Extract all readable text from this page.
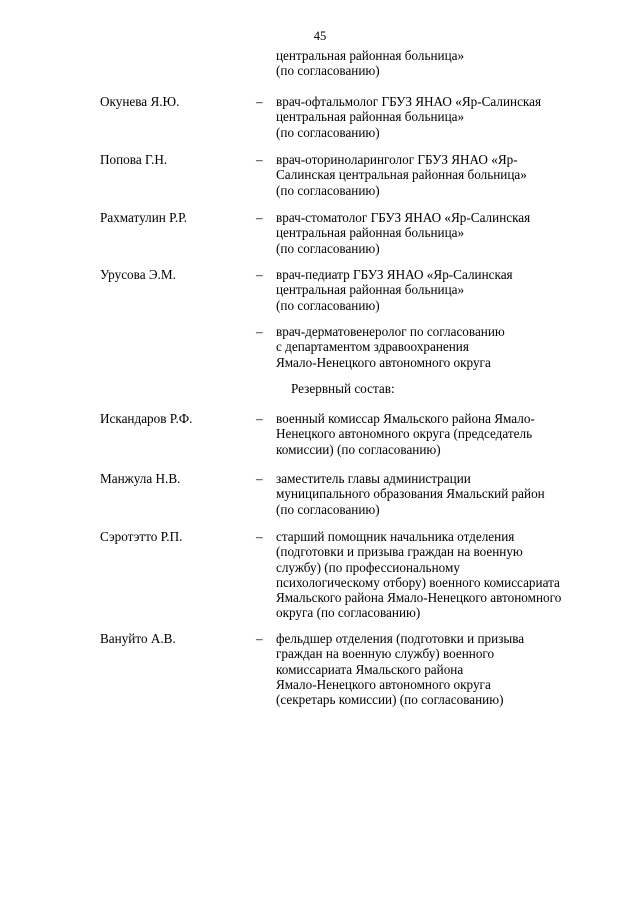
45
центральная районная больница»
(по согласованию)
Окунева Я.Ю.	– врач-офтальмолог ГБУЗ ЯНАО «Яр-Салинская
центральная районная больница»
(по согласованию)
Попова Г.Н.	– врач-оториноларинголог ГБУЗ ЯНАО «Яр-
Салинская центральная районная больница»
(по согласованию)
Рахматулин Р.Р.	– врач-стоматолог ГБУЗ ЯНАО «Яр-Салинская
центральная районная больница»
(по согласованию)
Урусова Э.М.	– врач-педиатр ГБУЗ ЯНАО «Яр-Салинская
центральная районная больница»
(по согласованию)
– врач-дерматовенеролог по согласованию
с департаментом здравоохранения
Ямало-Ненецкого автономного округа
Резервный состав:
Искандаров Р.Ф.	– военный комиссар Ямальского района Ямало-
Ненецкого автономного округа (председатель
комиссии) (по согласованию)
Манжула Н.В.	– заместитель главы администрации
муниципального образования Ямальский район
(по согласованию)
Сэротэтто Р.П.	– старший помощник начальника отделения
(подготовки и призыва граждан на военную
службу) (по профессиональному
психологическому отбору) военного комиссариата
Ямальского района Ямало-Ненецкого автономного
округа (по согласованию)
Вануйто А.В.	– фельдшер отделения (подготовки и призыва
граждан на военную службу) военного
комиссариата Ямальского района
Ямало-Ненецкого автономного округа
(секретарь комиссии) (по согласованию)
